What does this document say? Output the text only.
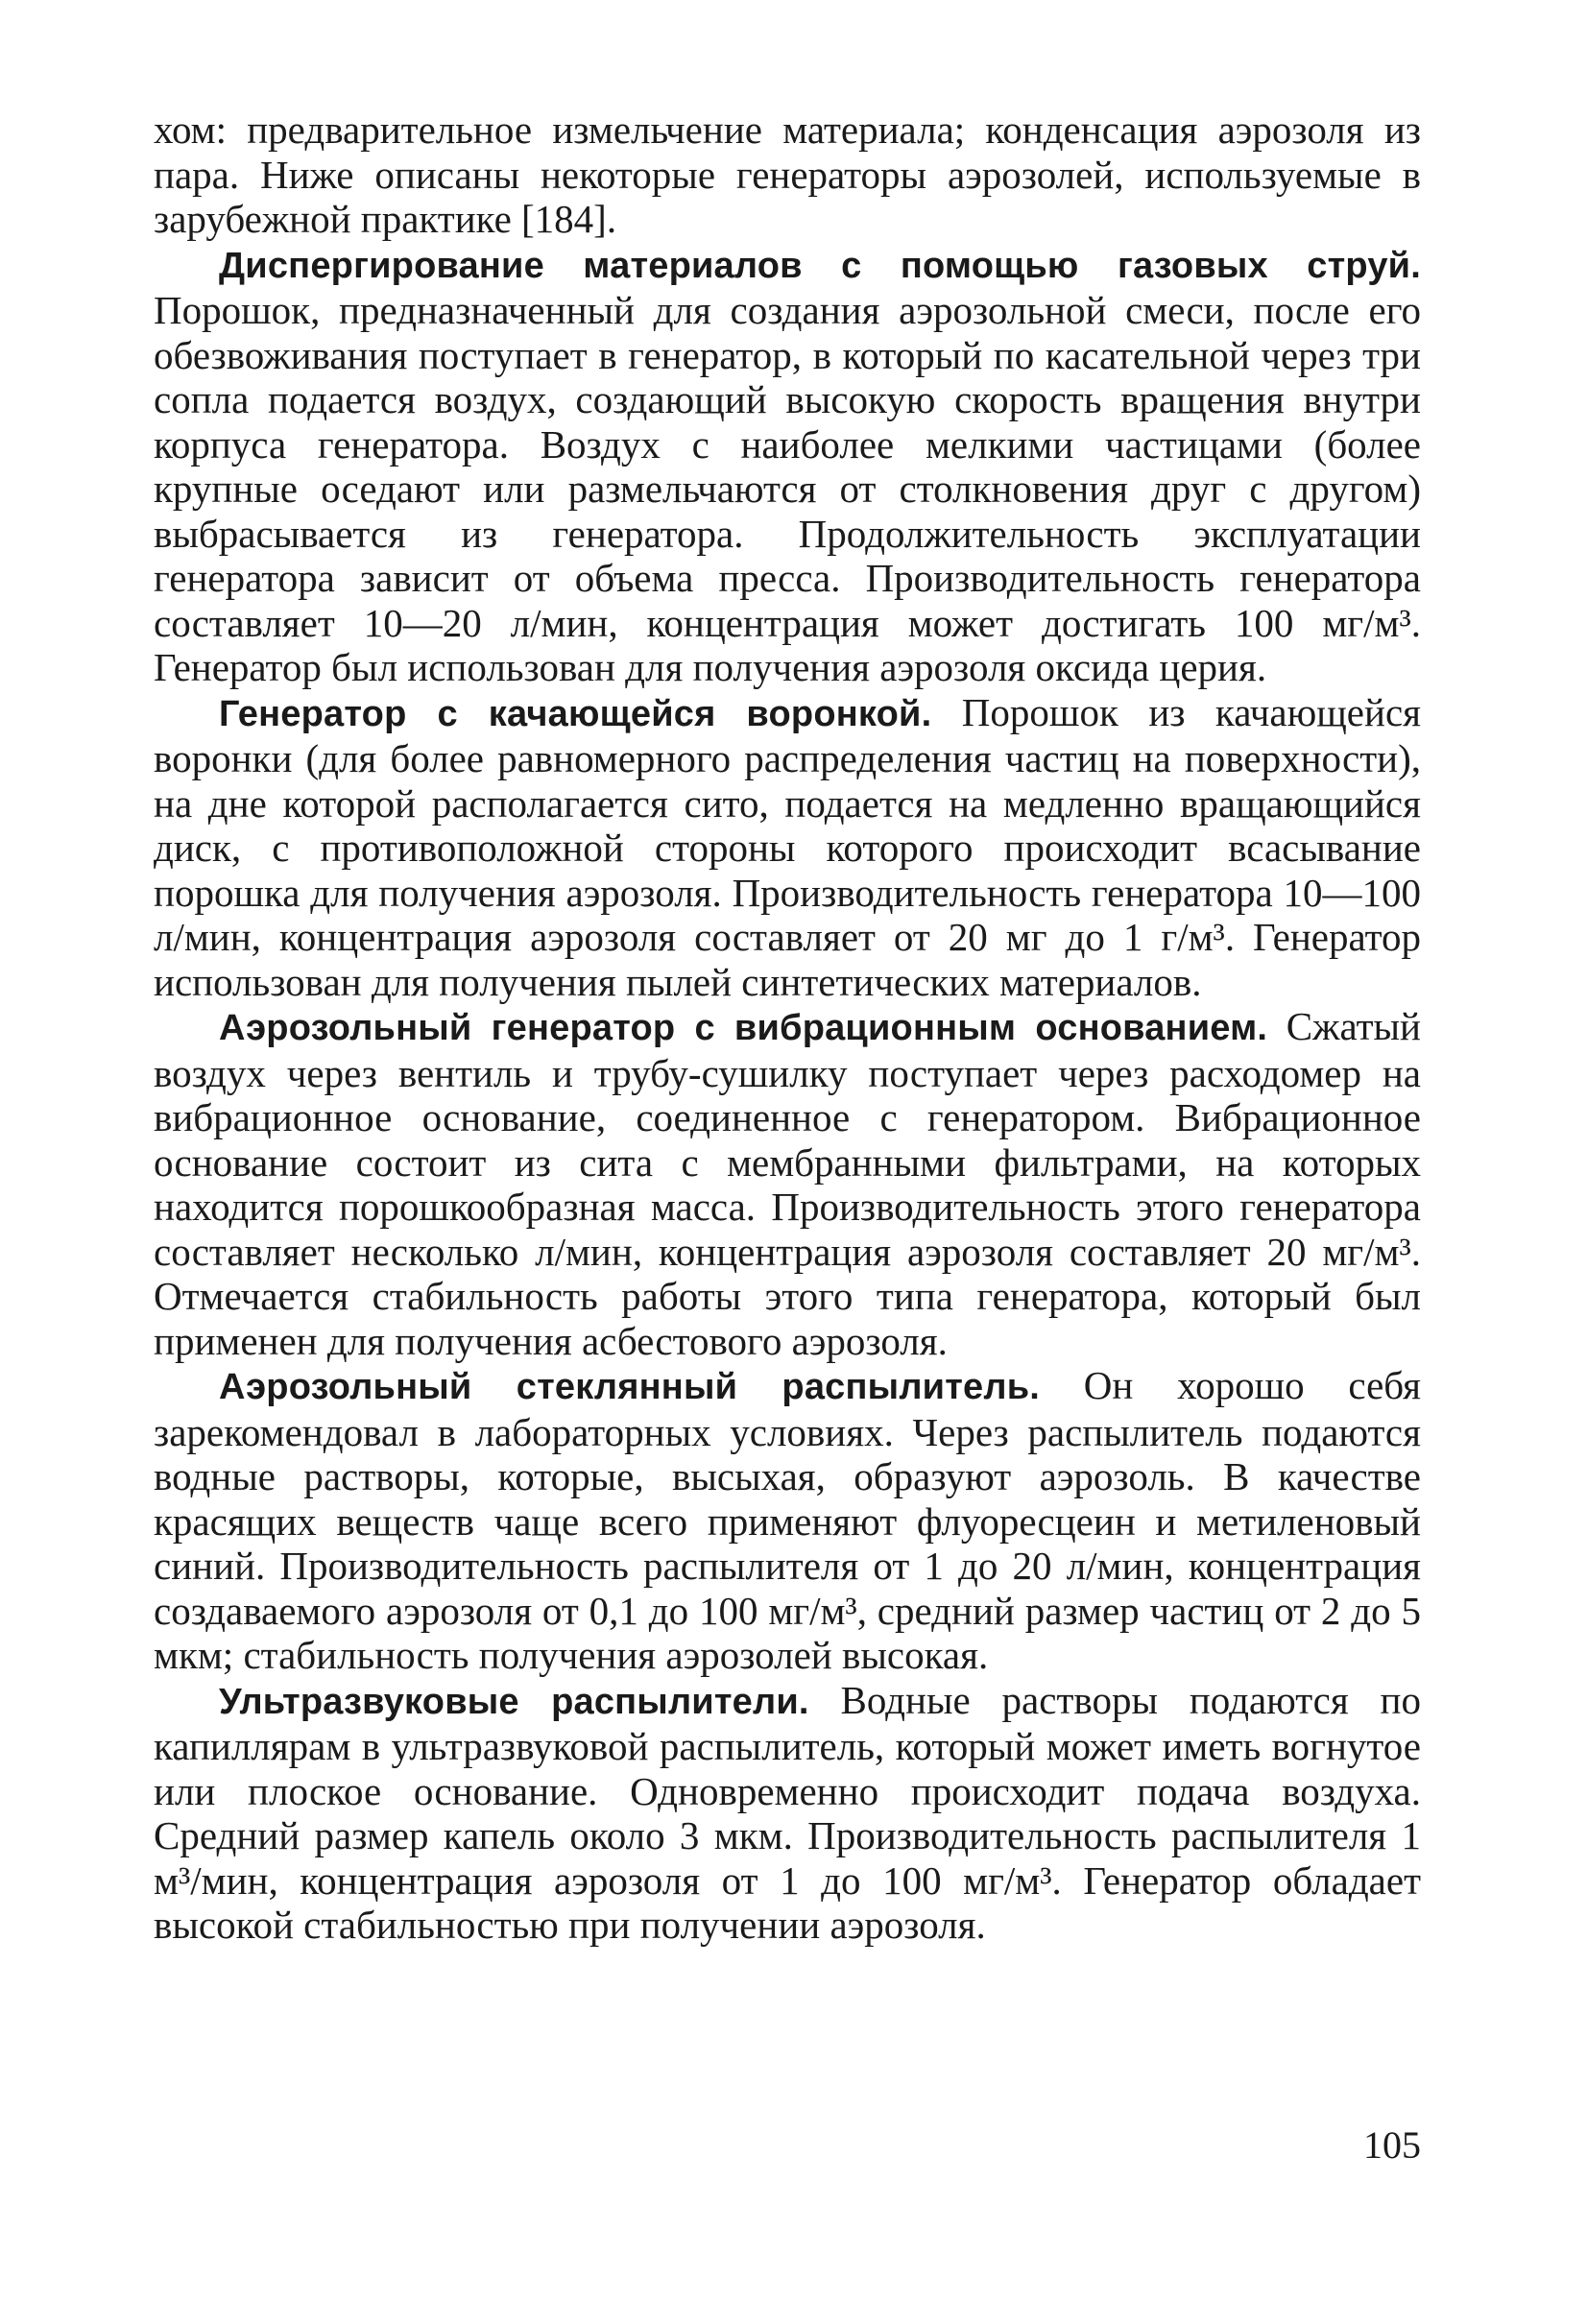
хом: предварительное измельчение материала; конденсация аэрозоля из пара. Ниже описаны некоторые генераторы аэрозолей, используемые в зарубежной практике [184].

Диспергирование материалов с помощью газовых струй. Порошок, предназначенный для создания аэрозольной смеси, после его обезвоживания поступает в генератор, в который по касательной через три сопла подается воздух, создающий высокую скорость вращения внутри корпуса генератора. Воздух с наиболее мелкими частицами (более крупные оседают или размельчаются от столкновения друг с другом) выбрасывается из генератора. Продолжительность эксплуатации генератора зависит от объема пресса. Производительность генератора составляет 10—20 л/мин, концентрация может достигать 100 мг/м³. Генератор был использован для получения аэрозоля оксида церия.

Генератор с качающейся воронкой. Порошок из качающейся воронки (для более равномерного распределения частиц на поверхности), на дне которой располагается сито, подается на медленно вращающийся диск, с противоположной стороны которого происходит всасывание порошка для получения аэрозоля. Производительность генератора 10—100 л/мин, концентрация аэрозоля составляет от 20 мг до 1 г/м³. Генератор использован для получения пылей синтетических материалов.

Аэрозольный генератор с вибрационным основанием. Сжатый воздух через вентиль и трубу-сушилку поступает через расходомер на вибрационное основание, соединенное с генератором. Вибрационное основание состоит из сита с мембранными фильтрами, на которых находится порошкообразная масса. Производительность этого генератора составляет несколько л/мин, концентрация аэрозоля составляет 20 мг/м³. Отмечается стабильность работы этого типа генератора, который был применен для получения асбестового аэрозоля.

Аэрозольный стеклянный распылитель. Он хорошо себя зарекомендовал в лабораторных условиях. Через распылитель подаются водные растворы, которые, высыхая, образуют аэрозоль. В качестве красящих веществ чаще всего применяют флуоресцеин и метиленовый синий. Производительность распылителя от 1 до 20 л/мин, концентрация создаваемого аэрозоля от 0,1 до 100 мг/м³, средний размер частиц от 2 до 5 мкм; стабильность получения аэрозолей высокая.

Ультразвуковые распылители. Водные растворы подаются по капиллярам в ультразвуковой распылитель, который может иметь вогнутое или плоское основание. Одновременно происходит подача воздуха. Средний размер капель около 3 мкм. Производительность распылителя 1 м³/мин, концентрация аэрозоля от 1 до 100 мг/м³. Генератор обладает высокой стабильностью при получении аэрозоля.

105
